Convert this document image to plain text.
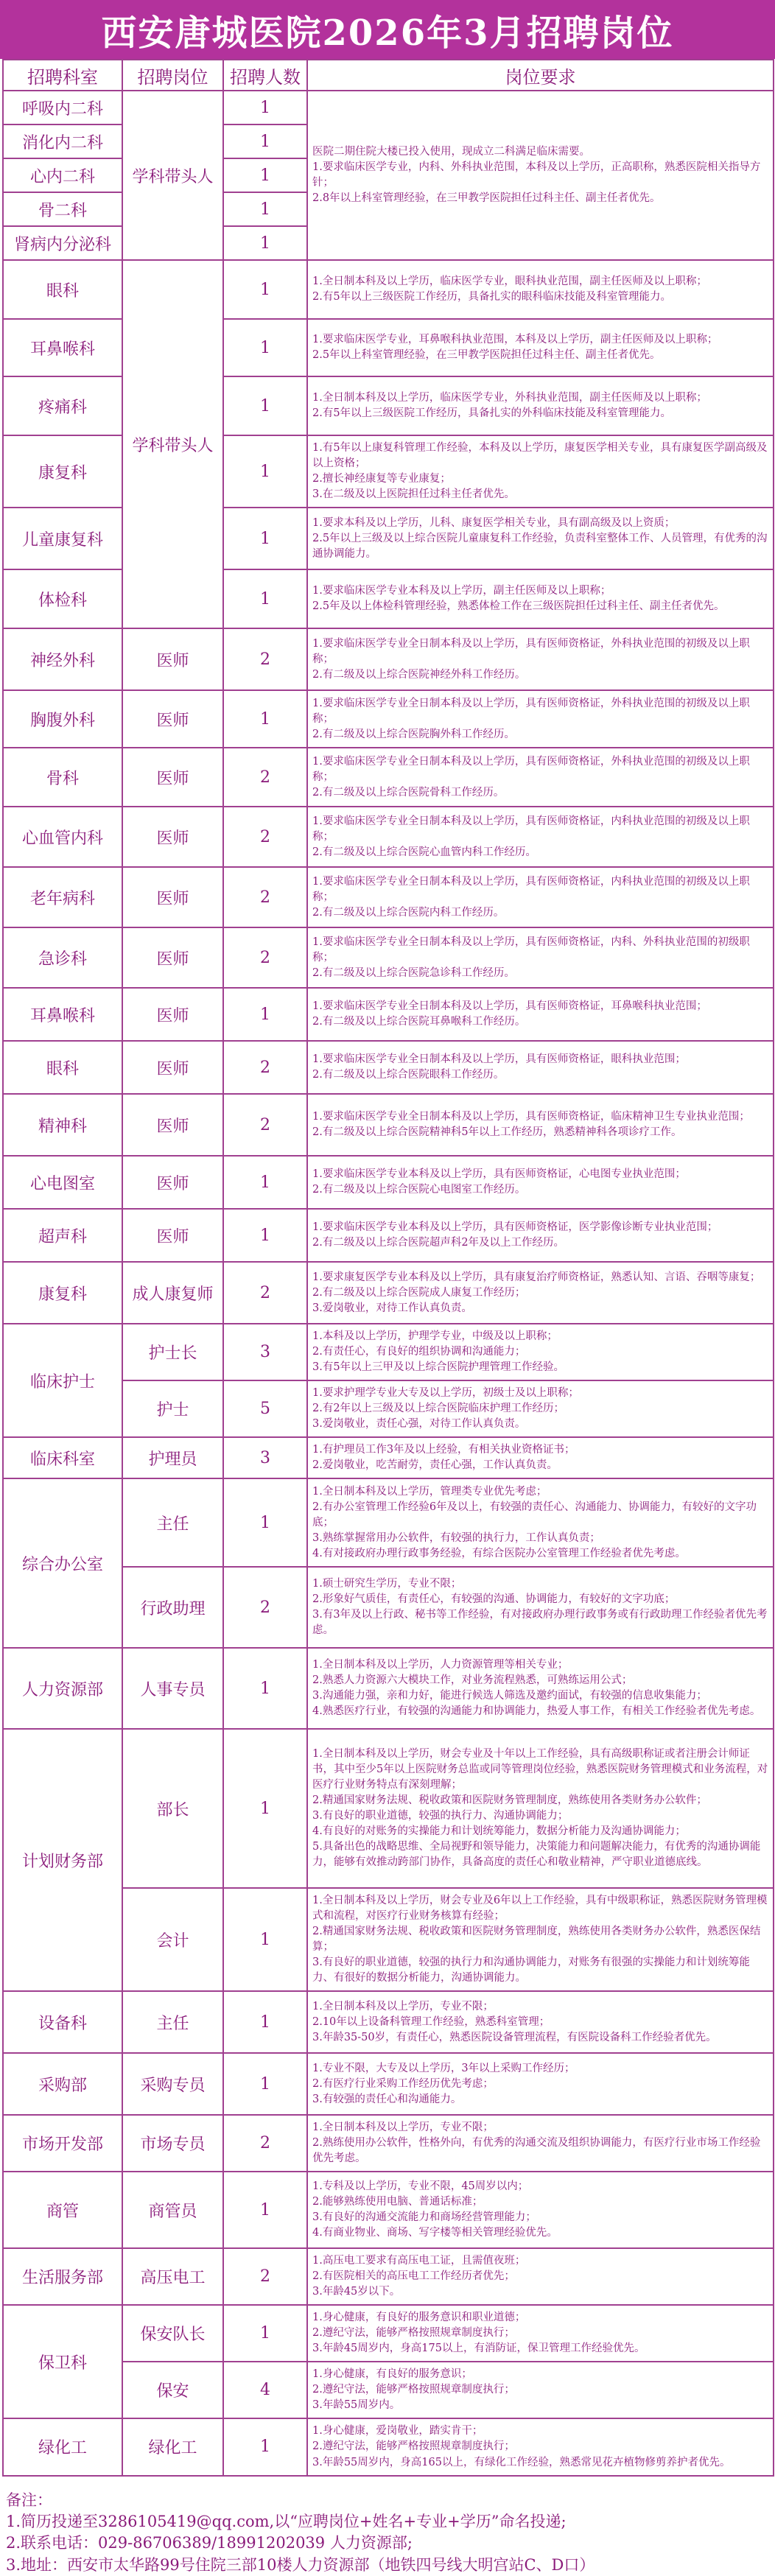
西安唐城医院2026年3月招聘岗位
招聘科室	招聘岗位	招聘人数	岗位要求
呼吸内二科	学科带头人	1	医院二期住院大楼已投入使用，现成立二科满足临床需要。
1.要求临床医学专业，内科、外科执业范围，本科及以上学历，正高职称，熟悉医院相关指导方针；
2.8年以上科室管理经验，在三甲教学医院担任过科主任、副主任者优先。

消化内二科		1	
心内二科		1	
骨二科		1	
肾病内分泌科		1	
眼科	学科带头人	1	1.全日制本科及以上学历，临床医学专业，眼科执业范围，副主任医师及以上职称；
2.有5年以上三级医院工作经历，具备扎实的眼科临床技能及科室管理能力。

耳鼻喉科		1	1.要求临床医学专业，耳鼻喉科执业范围，本科及以上学历，副主任医师及以上职称；
2.5年以上科室管理经验，在三甲教学医院担任过科主任、副主任者优先。

疼痛科		1	1.全日制本科及以上学历，临床医学专业，外科执业范围，副主任医师及以上职称；
2.有5年以上三级医院工作经历，具备扎实的外科临床技能及科室管理能力。

康复科		1	1.有5年以上康复科管理工作经验，本科及以上学历，康复医学相关专业，具有康复医学副高级及以上资格；
2.擅长神经康复等专业康复；
3.在二级及以上医院担任过科主任者优先。

儿童康复科		1	1.要求本科及以上学历，儿科、康复医学相关专业，具有副高级及以上资质；
2.5年以上三级及以上综合医院儿童康复科工作经验，负责科室整体工作、人员管理，有优秀的沟通协调能力。

体检科		1	1.要求临床医学专业本科及以上学历，副主任医师及以上职称；
2.5年及以上体检科管理经验，熟悉体检工作在三级医院担任过科主任、副主任者优先。

神经外科	医师	2	1.要求临床医学专业全日制本科及以上学历，具有医师资格证，外科执业范围的初级及以上职称；
2.有二级及以上综合医院神经外科工作经历。

胸腹外科	医师	1	1.要求临床医学专业全日制本科及以上学历，具有医师资格证，外科执业范围的初级及以上职称；
2.有二级及以上综合医院胸外科工作经历。

骨科	医师	2	1.要求临床医学专业全日制本科及以上学历，具有医师资格证，外科执业范围的初级及以上职称；
2.有二级及以上综合医院骨科工作经历。

心血管内科	医师	2	1.要求临床医学专业全日制本科及以上学历，具有医师资格证，内科执业范围的初级及以上职称；
2.有二级及以上综合医院心血管内科工作经历。

老年病科	医师	2	1.要求临床医学专业全日制本科及以上学历，具有医师资格证，内科执业范围的初级及以上职称；
2.有二级及以上综合医院内科工作经历。

急诊科	医师	2	1.要求临床医学专业全日制本科及以上学历，具有医师资格证，内科、外科执业范围的初级职称；
2.有二级及以上综合医院急诊科工作经历。

耳鼻喉科	医师	1	1.要求临床医学专业全日制本科及以上学历，具有医师资格证，耳鼻喉科执业范围；
2.有二级及以上综合医院耳鼻喉科工作经历。

眼科	医师	2	1.要求临床医学专业全日制本科及以上学历，具有医师资格证，眼科执业范围；
2.有二级及以上综合医院眼科工作经历。

精神科	医师	2	1.要求临床医学专业全日制本科及以上学历，具有医师资格证，临床精神卫生专业执业范围；
2.有二级及以上综合医院精神科5年以上工作经历，熟悉精神科各项诊疗工作。

心电图室	医师	1	1.要求临床医学专业本科及以上学历，具有医师资格证，心电图专业执业范围；
2.有二级及以上综合医院心电图室工作经历。

超声科	医师	1	1.要求临床医学专业本科及以上学历，具有医师资格证，医学影像诊断专业执业范围；
2.有二级及以上综合医院超声科2年及以上工作经历。

康复科	成人康复师	2	1.要求康复医学专业本科及以上学历，具有康复治疗师资格证，熟悉认知、言语、吞咽等康复；
2.有二级及以上综合医院成人康复工作经历；
3.爱岗敬业，对待工作认真负责。

临床护士	护士长	3	1.本科及以上学历，护理学专业，中级及以上职称；
2.有责任心，有良好的组织协调和沟通能力；
3.有5年以上三甲及以上综合医院护理管理工作经验。

	护士	5	1.要求护理学专业大专及以上学历，初级士及以上职称；
2.有2年以上三级及以上综合医院临床护理工作经历；
3.爱岗敬业，责任心强，对待工作认真负责。

临床科室	护理员	3	1.有护理员工作3年及以上经验，有相关执业资格证书；
2.爱岗敬业，吃苦耐劳，责任心强，工作认真负责。

综合办公室	主任	1	1.全日制本科及以上学历，管理类专业优先考虑；
2.有办公室管理工作经验6年及以上，有较强的责任心、沟通能力、协调能力，有较好的文字功底；
3.熟练掌握常用办公软件，有较强的执行力，工作认真负责；
4.有对接政府办理行政事务经验，有综合医院办公室管理工作经验者优先考虑。

	行政助理	2	1.硕士研究生学历，专业不限；
2.形象好气质佳，有责任心，有较强的沟通、协调能力，有较好的文字功底；
3.有3年及以上行政、秘书等工作经验，有对接政府办理行政事务或有行政助理工作经验者优先考虑。

人力资源部	人事专员	1	1.全日制本科及以上学历，人力资源管理等相关专业；
2.熟悉人力资源六大模块工作，对业务流程熟悉，可熟练运用公式；
3.沟通能力强，亲和力好，能进行候选人筛选及邀约面试，有较强的信息收集能力；
4.熟悉医疗行业，有较强的沟通能力和协调能力，热爱人事工作，有相关工作经验者优先考虑。

计划财务部	部长	1	1.全日制本科及以上学历，财会专业及十年以上工作经验，具有高级职称证或者注册会计师证书，其中至少5年以上医院财务总监或同等管理岗位经验，熟悉医院财务管理模式和业务流程，对医疗行业财务特点有深刻理解；
2.精通国家财务法规、税收政策和医院财务管理制度，熟练使用各类财务办公软件；
3.有良好的职业道德，较强的执行力、沟通协调能力；
4.有良好的对账务的实操能力和计划统筹能力，数据分析能力及沟通协调能力；
5.具备出色的战略思维、全局视野和领导能力，决策能力和问题解决能力，有优秀的沟通协调能力，能够有效推动跨部门协作，具备高度的责任心和敬业精神，严守职业道德底线。

	会计	1	1.全日制本科及以上学历，财会专业及6年以上工作经验，具有中级职称证，熟悉医院财务管理模式和流程，对医疗行业财务核算有经验；
2.精通国家财务法规、税收政策和医院财务管理制度，熟练使用各类财务办公软件，熟悉医保结算；
3.有良好的职业道德，较强的执行力和沟通协调能力，对账务有很强的实操能力和计划统筹能力、有很好的数据分析能力，沟通协调能力。

设备科	主任	1	1.全日制本科及以上学历，专业不限；
2.10年以上设备科管理工作经验，熟悉科室管理；
3.年龄35-50岁，有责任心，熟悉医院设备管理流程，有医院设备科工作经验者优先。

采购部	采购专员	1	1.专业不限，大专及以上学历，3年以上采购工作经历；
2.有医疗行业采购工作经历优先考虑；
3.有较强的责任心和沟通能力。

市场开发部	市场专员	2	1.全日制本科及以上学历，专业不限；
2.熟练使用办公软件，性格外向，有优秀的沟通交流及组织协调能力，有医疗行业市场工作经验优先考虑。

商管	商管员	1	1.专科及以上学历，专业不限，45周岁以内；
2.能够熟练使用电脑、普通话标准；
3.有良好的沟通交流能力和商场经营管理能力；
4.有商业物业、商场、写字楼等相关管理经验优先。

生活服务部	高压电工	2	1.高压电工要求有高压电工证，且需值夜班；
2.有医院相关的高压电工工作经历者优先；
3.年龄45岁以下。

保卫科	保安队长	1	1.身心健康，有良好的服务意识和职业道德；
2.遵纪守法，能够严格按照规章制度执行；
3.年龄45周岁内，身高175以上，有消防证，保卫管理工作经验优先。

	保安	4	1.身心健康，有良好的服务意识；
2.遵纪守法，能够严格按照规章制度执行；
3.年龄55周岁内。

绿化工	绿化工	1	1.身心健康，爱岗敬业，踏实肯干；
2.遵纪守法，能够严格按照规章制度执行；
3.年龄55周岁内，身高165以上，有绿化工作经验，熟悉常见花卉植物修剪养护者优先。
备注：
1.简历投递至3286105419@qq.com,以“应聘岗位+姓名+专业+学历”命名投递;
2.联系电话：029-86706389/18991202039 人力资源部;
3.地址：西安市太华路99号住院三部10楼人力资源部（地铁四号线大明宫站C、D口）
